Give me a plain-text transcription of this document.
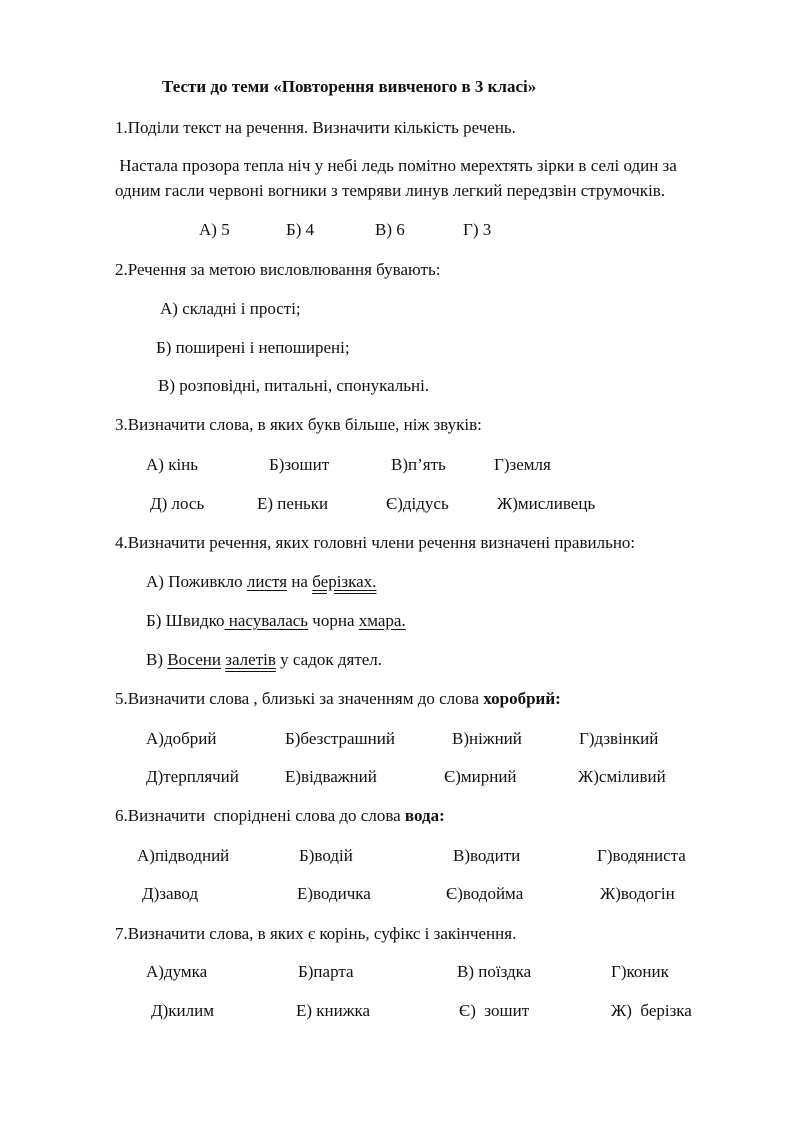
Тести до теми «Повторення вивченого в 3 класі»
1.Поділи текст на речення. Визначити кількість речень.
Настала прозора тепла ніч у небі ледь помітно мерехтять зірки в селі один за
одним гасли червоні вогники з темряви линув легкий передзвін струмочків.
А) 5	Б) 4	В) 6	Г) 3
2.Речення за метою висловлювання бувають:
А) складні і прості;
Б) поширені і непоширені;
В) розповідні, питальні, спонукальні.
3.Визначити слова, в яких букв більше, ніж звуків:
А) кінь	Б)зошит	В)п’ять	Г)земля
Д) лось	Е) пеньки	Є)дідусь	Ж)мисливець
4.Визначити речення, яких головні члени речення визначені правильно:
А) Поживкло листя на берізках.
Б) Швидко насувалась чорна хмара.
В) Восени залетів у садок дятел.
5.Визначити слова , близькі за значенням до слова хоробрий:
А)добрий	Б)безстрашний	В)ніжний	Г)дзвінкий
Д)терплячий	Е)відважний	Є)мирний	Ж)сміливий
6.Визначити  споріднені слова до слова вода:
А)підводний	Б)водій	В)водити	Г)водяниста
Д)завод	Е)водичка	Є)водойма	Ж)водогін
7.Визначити слова, в яких є корінь, суфікс і закінчення.
А)думка	Б)парта	В) поїздка	Г)коник
Д)килим	Е) книжка	Є)  зошит	Ж)  берізка
